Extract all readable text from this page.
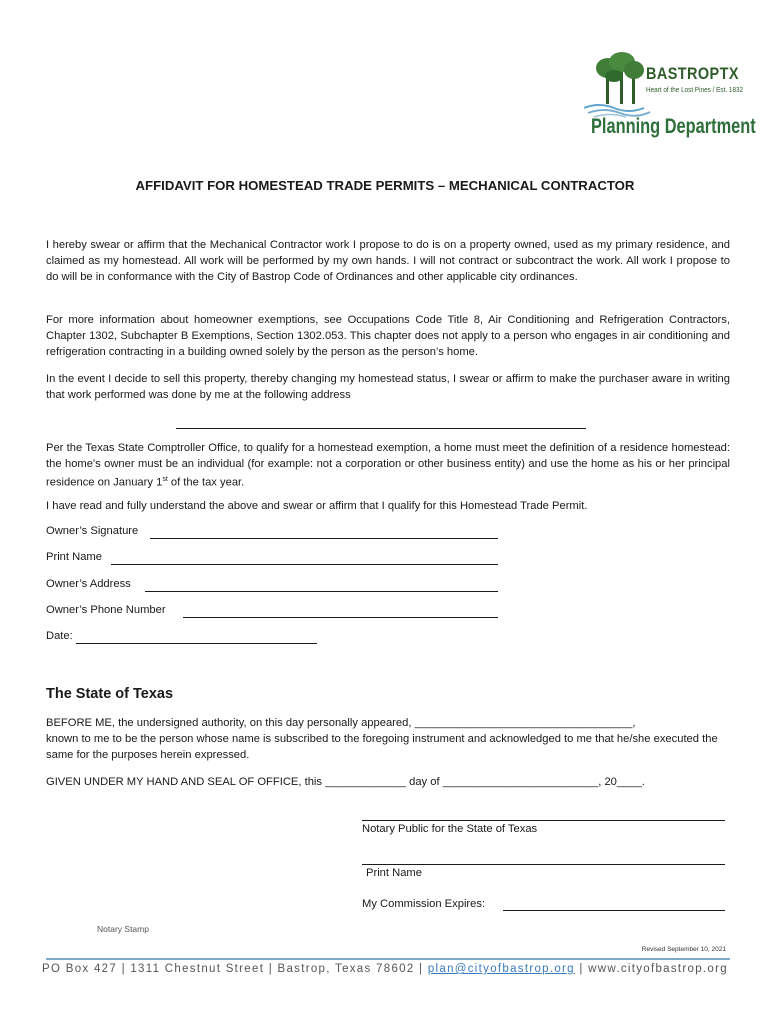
BASTROPTX
Heart of the Lost Pines / Est. 1832
Planning Department
AFFIDAVIT FOR HOMESTEAD TRADE PERMITS – MECHANICAL CONTRACTOR

I hereby swear or affirm that the Mechanical Contractor work I propose to do is on a property owned, used as my primary residence, and claimed as my homestead. All work will be performed by my own hands. I will not contract or subcontract the work. All work I propose to do will be in conformance with the City of Bastrop Code of Ordinances and other applicable city ordinances.

For more information about homeowner exemptions, see Occupations Code Title 8, Air Conditioning and Refrigeration Contractors, Chapter 1302, Subchapter B Exemptions, Section 1302.053. This chapter does not apply to a person who engages in air conditioning and refrigeration contracting in a building owned solely by the person as the person’s home.

In the event I decide to sell this property, thereby changing my homestead status, I swear or affirm to make the purchaser aware in writing that work performed was done by me at the following address

Per the Texas State Comptroller Office, to qualify for a homestead exemption, a home must meet the definition of a residence homestead: the home's owner must be an individual (for example: not a corporation or other business entity) and use the home as his or her principal residence on January 1st of the tax year.

I have read and fully understand the above and swear or affirm that I qualify for this Homestead Trade Permit.

Owner’s Signature
Print Name
Owner’s Address
Owner’s Phone Number
Date:
The State of Texas

BEFORE ME, the undersigned authority, on this day personally appeared, ___________________________________,
known to me to be the person whose name is subscribed to the foregoing instrument and acknowledged to me that he/she executed the same for the purposes herein expressed.

GIVEN UNDER MY HAND AND SEAL OF OFFICE, this _____________ day of _________________________, 20____.
Notary Public for the State of Texas
Print Name
My Commission Expires:
Notary Stamp
Revised September 10, 2021
PO Box 427 | 1311 Chestnut Street | Bastrop, Texas 78602 | plan@cityofbastrop.org | www.cityofbastrop.org
